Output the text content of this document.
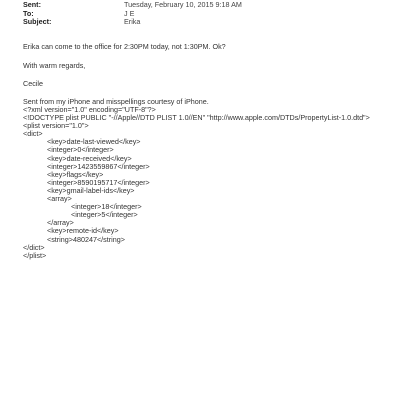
Sent:	Tuesday, February 10, 2015 9:18 AM
To:	J E
Subject:	Erika
Erika can come to the office for 2:30PM today, not 1:30PM. Ok?
With warm regards,
Cecile
Sent from my iPhone and misspellings courtesy of iPhone.
<?xml version="1.0" encoding="UTF-8"?>
<!DOCTYPE plist PUBLIC "-//Apple//DTD PLIST 1.0//EN" "http://www.apple.com/DTDs/PropertyList-1.0.dtd">
<plist version="1.0">
<dict>
<key>date-last-viewed</key>
<integer>0</integer>
<key>date-received</key>
<integer>1423559867</integer>
<key>flags</key>
<integer>8590195717</integer>
<key>gmail-label-ids</key>
<array>
<integer>18</integer>
<integer>5</integer>
</array>
<key>remote-id</key>
<string>480247</string>
</dict>
</plist>
